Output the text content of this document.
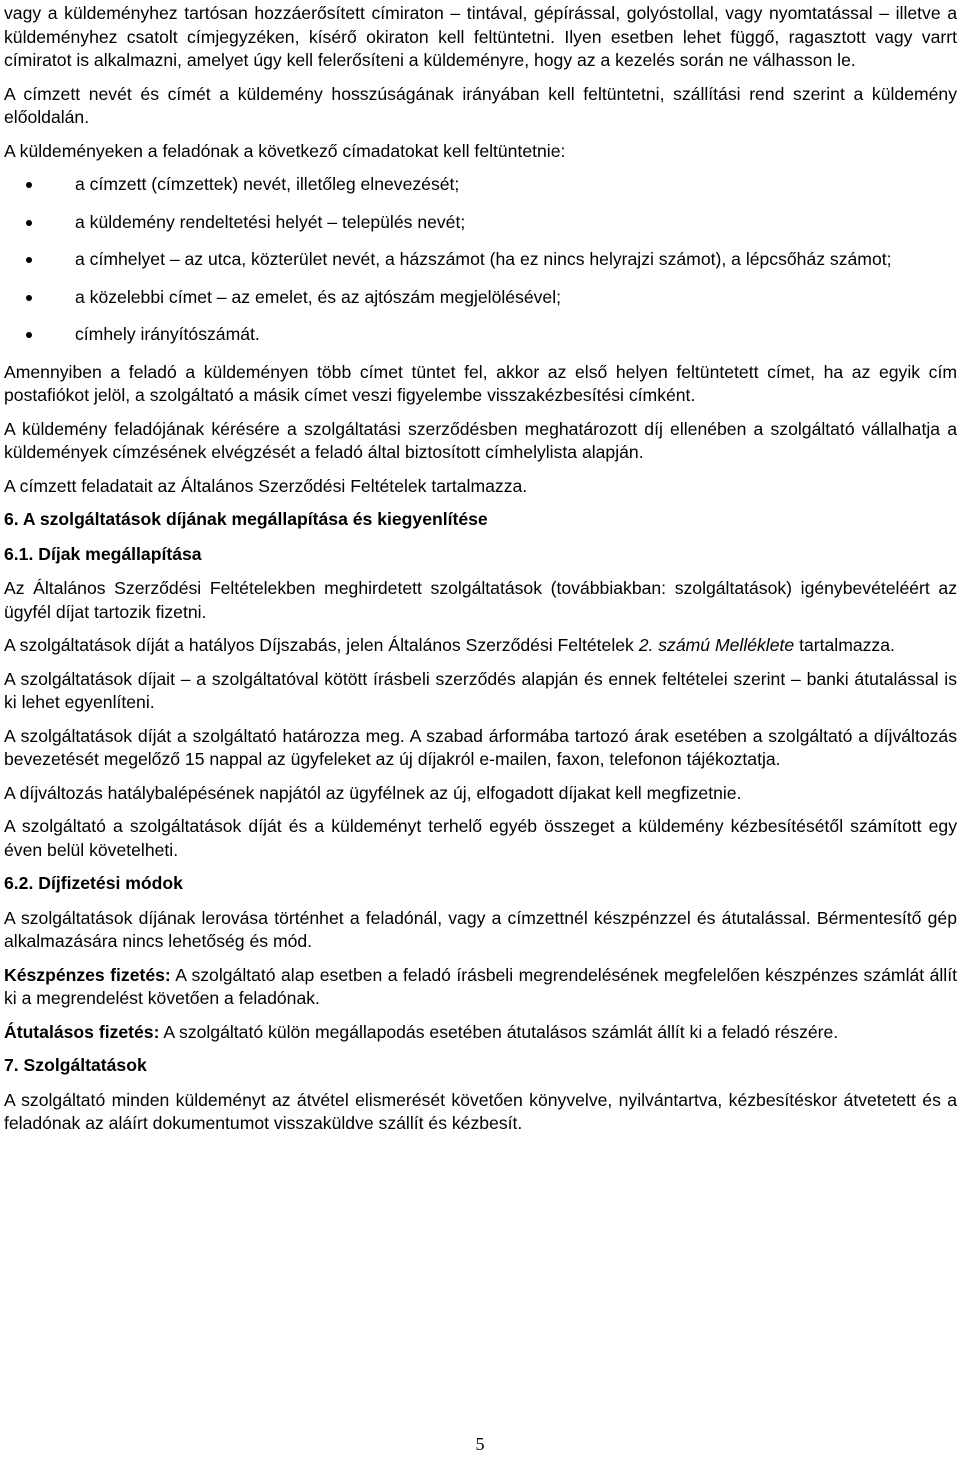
vagy a küldeményhez tartósan hozzáerősített címiraton – tintával, gépírással, golyóstollal, vagy nyomtatással – illetve a küldeményhez csatolt címjegyzéken, kísérő okiraton kell feltüntetni. Ilyen esetben lehet függő, ragasztott vagy varrt címiratot is alkalmazni, amelyet úgy kell felerősíteni a küldeményre, hogy az a kezelés során ne válhasson le.

A címzett nevét és címét a küldemény hosszúságának irányában kell feltüntetni, szállítási rend szerint a küldemény előoldalán.

A küldeményeken a feladónak a következő címadatokat kell feltüntetnie:

a címzett (címzettek) nevét, illetőleg elnevezését;
a küldemény rendeltetési helyét – település nevét;
a címhelyet – az utca, közterület nevét, a házszámot (ha ez nincs helyrajzi számot), a lépcsőház számot;
a közelebbi címet – az emelet, és az ajtószám megjelölésével;
címhely irányítószámát.

Amennyiben a feladó a küldeményen több címet tüntet fel, akkor az első helyen feltüntetett címet, ha az egyik cím postafiókot jelöl, a szolgáltató a másik címet veszi figyelembe visszakézbesítési címként.

A küldemény feladójának kérésére a szolgáltatási szerződésben meghatározott díj ellenében a szolgáltató vállalhatja a küldemények címzésének elvégzését a feladó által biztosított címhelylista alapján.

A címzett feladatait az Általános Szerződési Feltételek tartalmazza.

6. A szolgáltatások díjának megállapítása és kiegyenlítése
6.1. Díjak megállapítása

Az Általános Szerződési Feltételekben meghirdetett szolgáltatások (továbbiakban: szolgáltatások) igénybevételéért az ügyfél díjat tartozik fizetni.

A szolgáltatások díját a hatályos Díjszabás, jelen Általános Szerződési Feltételek 2. számú Melléklete tartalmazza.

A szolgáltatások díjait – a szolgáltatóval kötött írásbeli szerződés alapján és ennek feltételei szerint – banki átutalással is ki lehet egyenlíteni.

A szolgáltatások díját a szolgáltató határozza meg. A szabad árformába tartozó árak esetében a szolgáltató a díjváltozás bevezetését megelőző 15 nappal az ügyfeleket az új díjakról e-mailen, faxon, telefonon tájékoztatja.

A díjváltozás hatálybalépésének napjától az ügyfélnek az új, elfogadott díjakat kell megfizetnie.

A szolgáltató a szolgáltatások díját és a küldeményt terhelő egyéb összeget a küldemény kézbesítésétől számított egy éven belül követelheti.

6.2. Díjfizetési módok

A szolgáltatások díjának lerovása történhet a feladónál, vagy a címzettnél készpénzzel és átutalással. Bérmentesítő gép alkalmazására nincs lehetőség és mód.

Készpénzes fizetés: A szolgáltató alap esetben a feladó írásbeli megrendelésének megfelelően készpénzes számlát állít ki a megrendelést követően a feladónak.

Átutalásos fizetés: A szolgáltató külön megállapodás esetében átutalásos számlát állít ki a feladó részére.

7. Szolgáltatások

A szolgáltató minden küldeményt az átvétel elismerését követően könyvelve, nyilvántartva, kézbesítéskor átvetetett és a feladónak az aláírt dokumentumot visszaküldve szállít és kézbesít.

5
